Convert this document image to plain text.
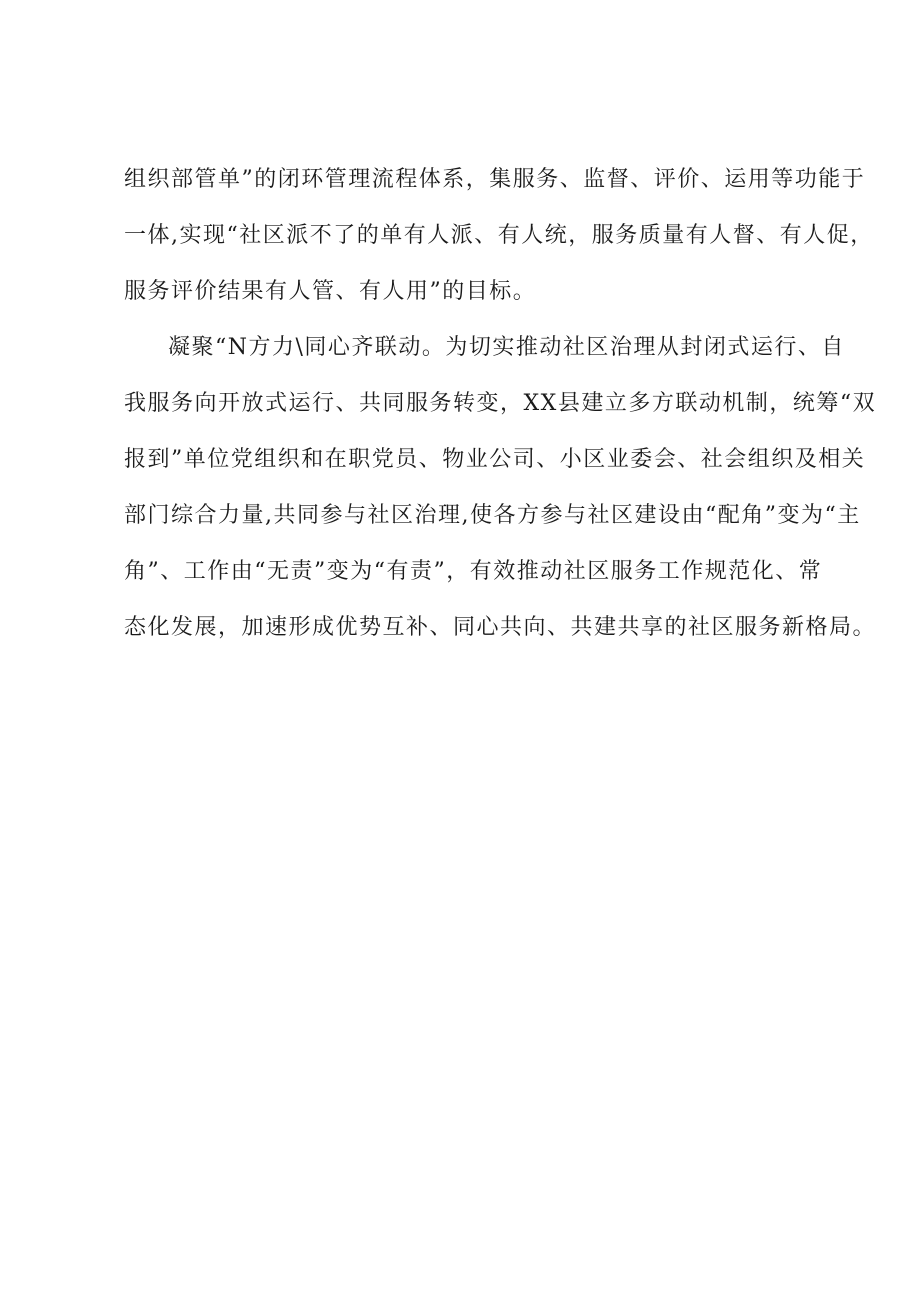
组织部管单”的闭环管理流程体系，集服务、监督、评价、运用等功能于
一体,实现“社区派不了的单有人派、有人统，服务质量有人督、有人促，
服务评价结果有人管、有人用”的目标。
凝聚“N方力\同心齐联动。为切实推动社区治理从封闭式运行、自
我服务向开放式运行、共同服务转变，XX县建立多方联动机制，统筹“双
报到”单位党组织和在职党员、物业公司、小区业委会、社会组织及相关
部门综合力量,共同参与社区治理,使各方参与社区建设由“配角”变为“主
角”、工作由“无责”变为“有责”，有效推动社区服务工作规范化、常
态化发展，加速形成优势互补、同心共向、共建共享的社区服务新格局。
